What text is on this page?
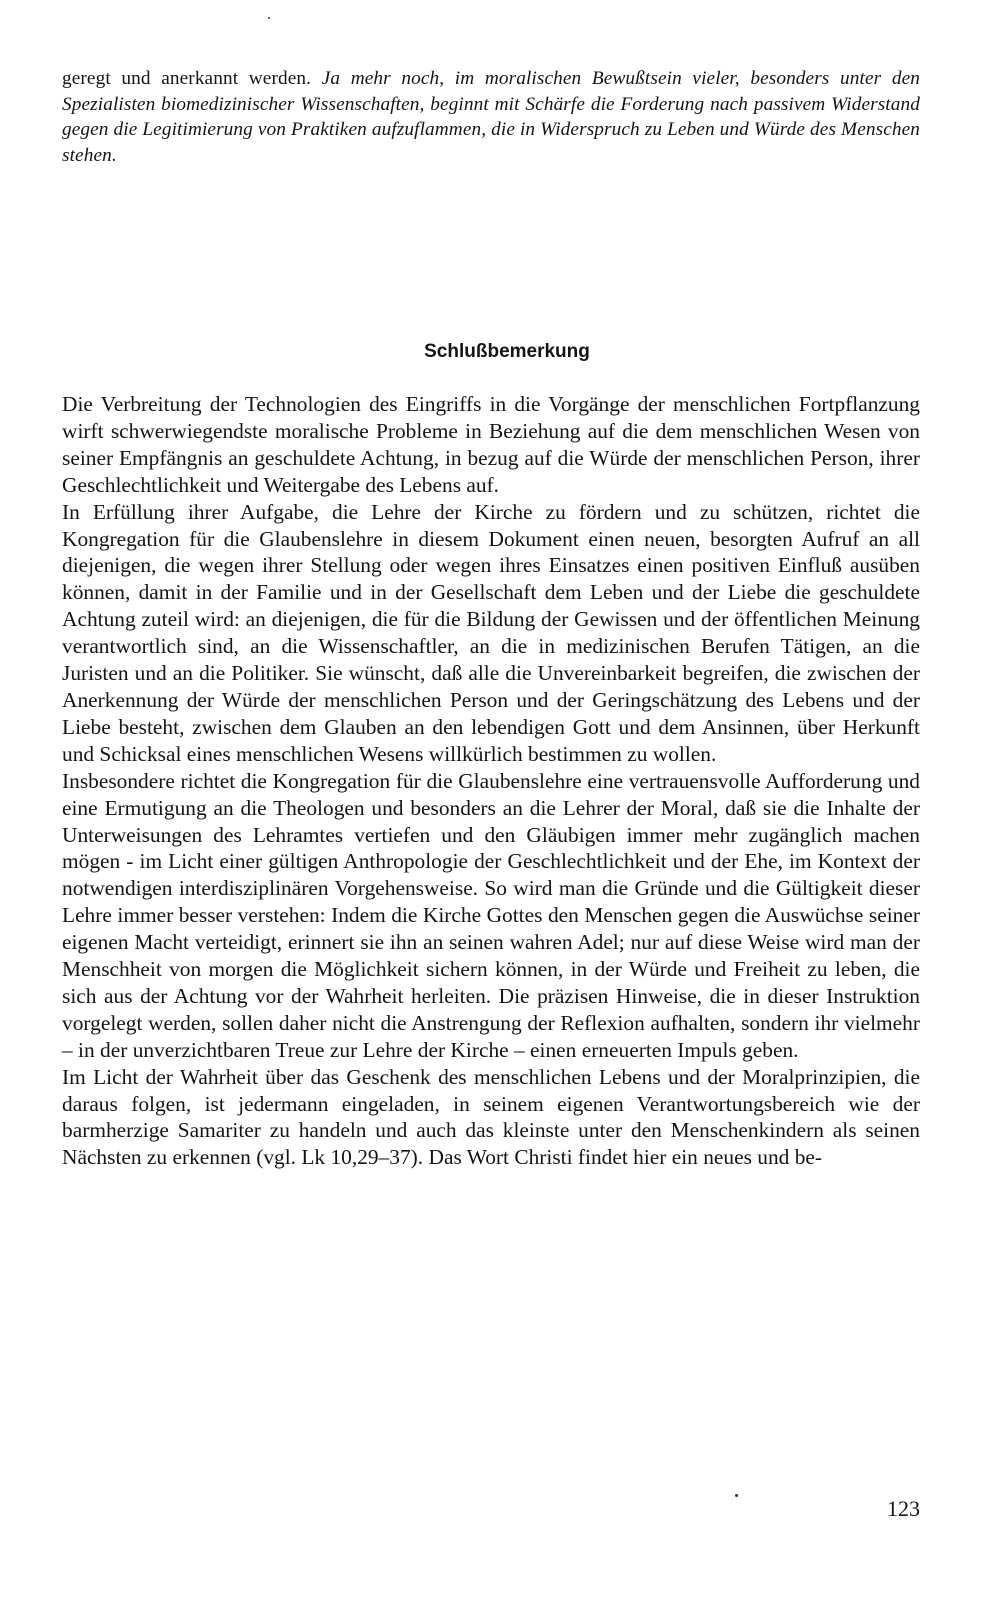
geregt und anerkannt werden. Ja mehr noch, im moralischen Bewußtsein vieler, besonders unter den Spezialisten biomedizinischer Wissenschaften, beginnt mit Schärfe die Forderung nach passivem Widerstand gegen die Legitimierung von Praktiken aufzuflammen, die in Widerspruch zu Leben und Würde des Menschen stehen.
Schlußbemerkung

Die Verbreitung der Technologien des Eingriffs in die Vorgänge der menschlichen Fortpflanzung wirft schwerwiegendste moralische Probleme in Beziehung auf die dem menschlichen Wesen von seiner Empfängnis an geschuldete Achtung, in bezug auf die Würde der menschlichen Person, ihrer Geschlechtlichkeit und Weitergabe des Lebens auf.

In Erfüllung ihrer Aufgabe, die Lehre der Kirche zu fördern und zu schützen, richtet die Kongregation für die Glaubenslehre in diesem Dokument einen neuen, besorgten Aufruf an all diejenigen, die wegen ihrer Stellung oder wegen ihres Einsatzes einen positiven Einfluß ausüben können, damit in der Familie und in der Gesellschaft dem Leben und der Liebe die geschuldete Achtung zuteil wird: an diejenigen, die für die Bildung der Gewissen und der öffentlichen Meinung verantwortlich sind, an die Wissenschaftler, an die in medizinischen Berufen Tätigen, an die Juristen und an die Politiker. Sie wünscht, daß alle die Unvereinbarkeit begreifen, die zwischen der Anerkennung der Würde der menschlichen Person und der Geringschätzung des Lebens und der Liebe besteht, zwischen dem Glauben an den lebendigen Gott und dem Ansinnen, über Herkunft und Schicksal eines menschlichen Wesens willkürlich bestimmen zu wollen.

Insbesondere richtet die Kongregation für die Glaubenslehre eine vertrauensvolle Aufforderung und eine Ermutigung an die Theologen und besonders an die Lehrer der Moral, daß sie die Inhalte der Unterweisungen des Lehramtes vertiefen und den Gläubigen immer mehr zugänglich machen mögen - im Licht einer gültigen Anthropologie der Geschlechtlichkeit und der Ehe, im Kontext der notwendigen interdisziplinären Vorgehensweise. So wird man die Gründe und die Gültigkeit dieser Lehre immer besser verstehen: Indem die Kirche Gottes den Menschen gegen die Auswüchse seiner eigenen Macht verteidigt, erinnert sie ihn an seinen wahren Adel; nur auf diese Weise wird man der Menschheit von morgen die Möglichkeit sichern können, in der Würde und Freiheit zu leben, die sich aus der Achtung vor der Wahrheit herleiten. Die präzisen Hinweise, die in dieser Instruktion vorgelegt werden, sollen daher nicht die Anstrengung der Reflexion aufhalten, sondern ihr vielmehr – in der unverzichtbaren Treue zur Lehre der Kirche – einen erneuerten Impuls geben.

Im Licht der Wahrheit über das Geschenk des menschlichen Lebens und der Moralprinzipien, die daraus folgen, ist jedermann eingeladen, in seinem eigenen Verantwortungsbereich wie der barmherzige Samariter zu handeln und auch das kleinste unter den Menschenkindern als seinen Nächsten zu erkennen (vgl. Lk 10,29–37). Das Wort Christi findet hier ein neues und be-

123
